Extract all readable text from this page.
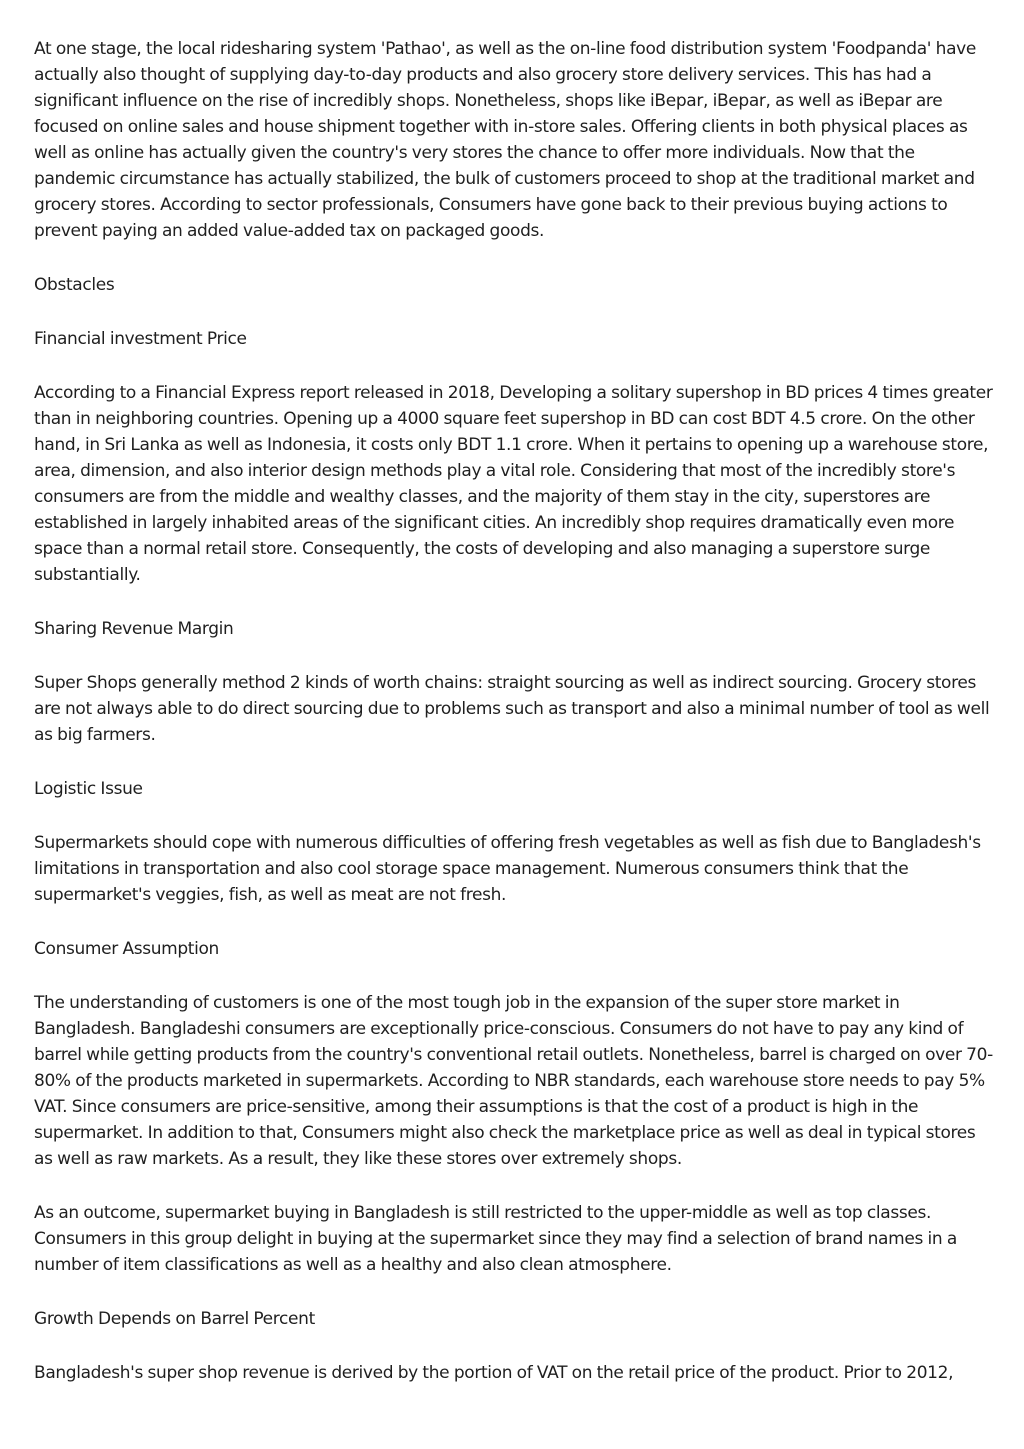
At one stage, the local ridesharing system 'Pathao', as well as the on-line food distribution system 'Foodpanda' have actually also thought of supplying day-to-day products and also grocery store delivery services. This has had a significant influence on the rise of incredibly shops. Nonetheless, shops like iBepar, iBepar, as well as iBepar are focused on online sales and house shipment together with in-store sales. Offering clients in both physical places as well as online has actually given the country's very stores the chance to offer more individuals. Now that the pandemic circumstance has actually stabilized, the bulk of customers proceed to shop at the traditional market and grocery stores. According to sector professionals, Consumers have gone back to their previous buying actions to prevent paying an added value-added tax on packaged goods.

Obstacles

Financial investment Price

According to a Financial Express report released in 2018, Developing a solitary supershop in BD prices 4 times greater than in neighboring countries. Opening up a 4000 square feet supershop in BD can cost BDT 4.5 crore. On the other hand, in Sri Lanka as well as Indonesia, it costs only BDT 1.1 crore. When it pertains to opening up a warehouse store, area, dimension, and also interior design methods play a vital role. Considering that most of the incredibly store's consumers are from the middle and wealthy classes, and the majority of them stay in the city, superstores are established in largely inhabited areas of the significant cities. An incredibly shop requires dramatically even more space than a normal retail store. Consequently, the costs of developing and also managing a superstore surge substantially.

Sharing Revenue Margin

Super Shops generally method 2 kinds of worth chains: straight sourcing as well as indirect sourcing. Grocery stores are not always able to do direct sourcing due to problems such as transport and also a minimal number of tool as well as big farmers.

Logistic Issue

Supermarkets should cope with numerous difficulties of offering fresh vegetables as well as fish due to Bangladesh's limitations in transportation and also cool storage space management. Numerous consumers think that the supermarket's veggies, fish, as well as meat are not fresh.

Consumer Assumption

The understanding of customers is one of the most tough job in the expansion of the super store market in Bangladesh. Bangladeshi consumers are exceptionally price-conscious. Consumers do not have to pay any kind of barrel while getting products from the country's conventional retail outlets. Nonetheless, barrel is charged on over 70-80% of the products marketed in supermarkets. According to NBR standards, each warehouse store needs to pay 5% VAT. Since consumers are price-sensitive, among their assumptions is that the cost of a product is high in the supermarket. In addition to that, Consumers might also check the marketplace price as well as deal in typical stores as well as raw markets. As a result, they like these stores over extremely shops.

As an outcome, supermarket buying in Bangladesh is still restricted to the upper-middle as well as top classes. Consumers in this group delight in buying at the supermarket since they may find a selection of brand names in a number of item classifications as well as a healthy and also clean atmosphere.

Growth Depends on Barrel Percent

Bangladesh's super shop revenue is derived by the portion of VAT on the retail price of the product. Prior to 2012,
